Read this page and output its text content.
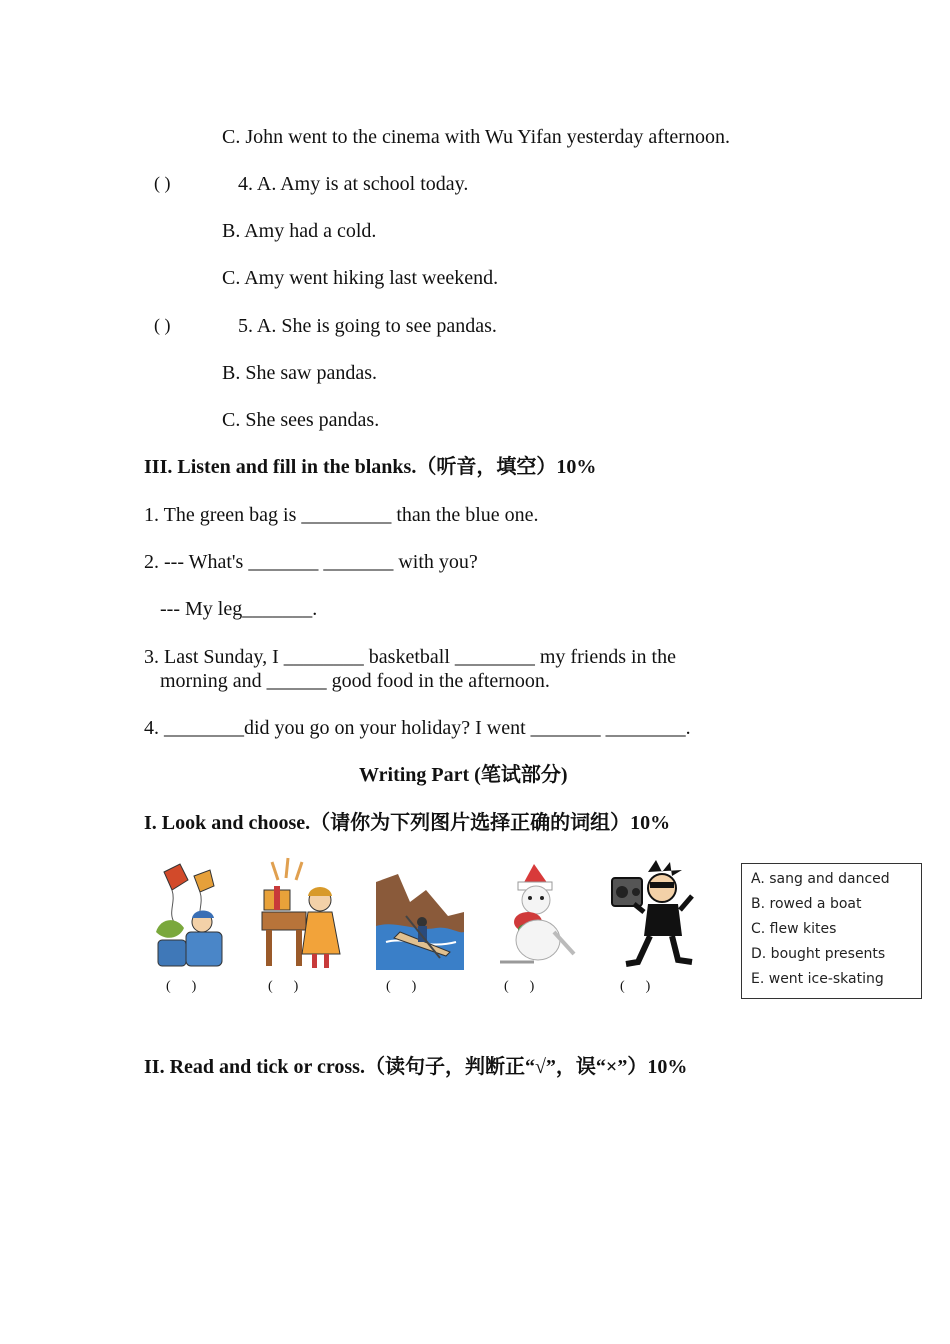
C. John went to the cinema with Wu Yifan yesterday afternoon.
( )	4. A. Amy is at school today.
B. Amy had a cold.
C. Amy went hiking last weekend.
( )	5. A. She is going to see pandas.
B. She saw pandas.
C. She sees pandas.
III. Listen and fill in the blanks.（听音，填空）10%
1. The green bag is _________ than the blue one.
2. --- What's _______ _______ with you?
--- My leg_______.
3. Last Sunday, I ________ basketball ________ my friends in the
morning and ______ good food in the afternoon.
4. ________did you go on your holiday? I went _______ ________.
Writing Part (笔试部分)
I. Look and choose.（请你为下列图片选择正确的词组）10%
(      )	(      )	(      )	(      )	(      )
A. sang and danced
B. rowed a boat
C. flew kites
D. bought presents
E. went ice-skating
II. Read and tick or cross.（读句子，判断正“√”，误“×”）10%
